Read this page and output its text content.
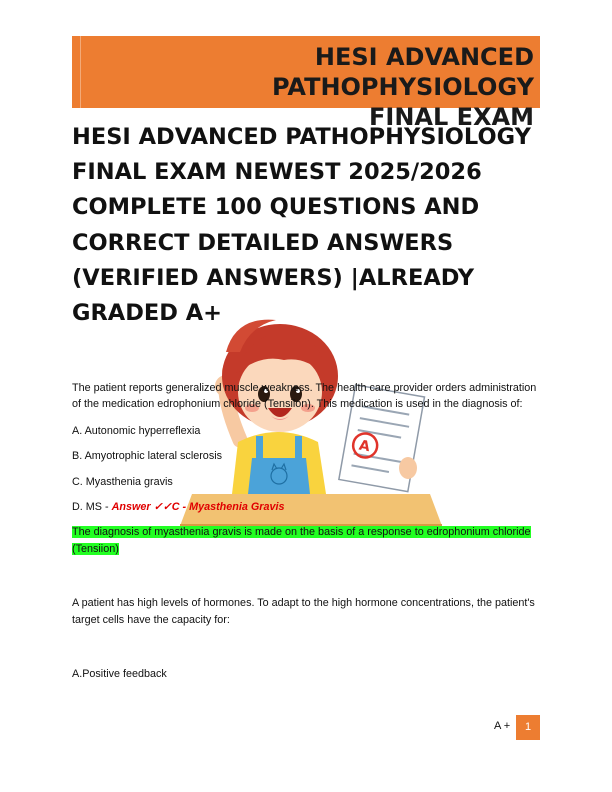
HESI ADVANCED PATHOPHYSIOLOGY
FINAL EXAM
HESI ADVANCED PATHOPHYSIOLOGY FINAL EXAM NEWEST 2025/2026 COMPLETE 100 QUESTIONS AND CORRECT DETAILED ANSWERS (VERIFIED ANSWERS) |ALREADY GRADED A+
A

The patient reports generalized muscle weakness. The health care provider orders administration of the medication edrophonium chloride (Tensilon). This medication is used in the diagnosis of:

A. Autonomic hyperreflexia

B. Amyotrophic lateral sclerosis

C. Myasthenia gravis

D. MS - Answer ✓✓C - Myasthenia Gravis

The diagnosis of myasthenia gravis is made on the basis of a response to edrophonium chloride (Tensiion)

A patient has high levels of hormones. To adapt to the high hormone concentrations, the patient's target cells have the capacity for:

A.Positive feedback

A +	1
